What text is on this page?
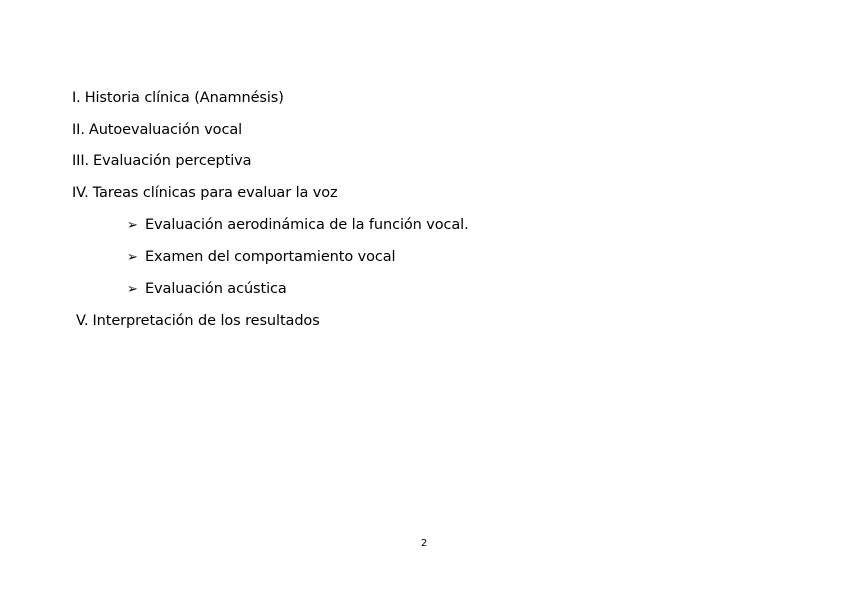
I. Historia clínica (Anamnésis)
II. Autoevaluación vocal
III. Evaluación perceptiva
IV. Tareas clínicas para evaluar la voz
➢ Evaluación aerodinámica de la función vocal.
➢ Examen del comportamiento vocal
➢ Evaluación acústica
V. Interpretación de los resultados
2
